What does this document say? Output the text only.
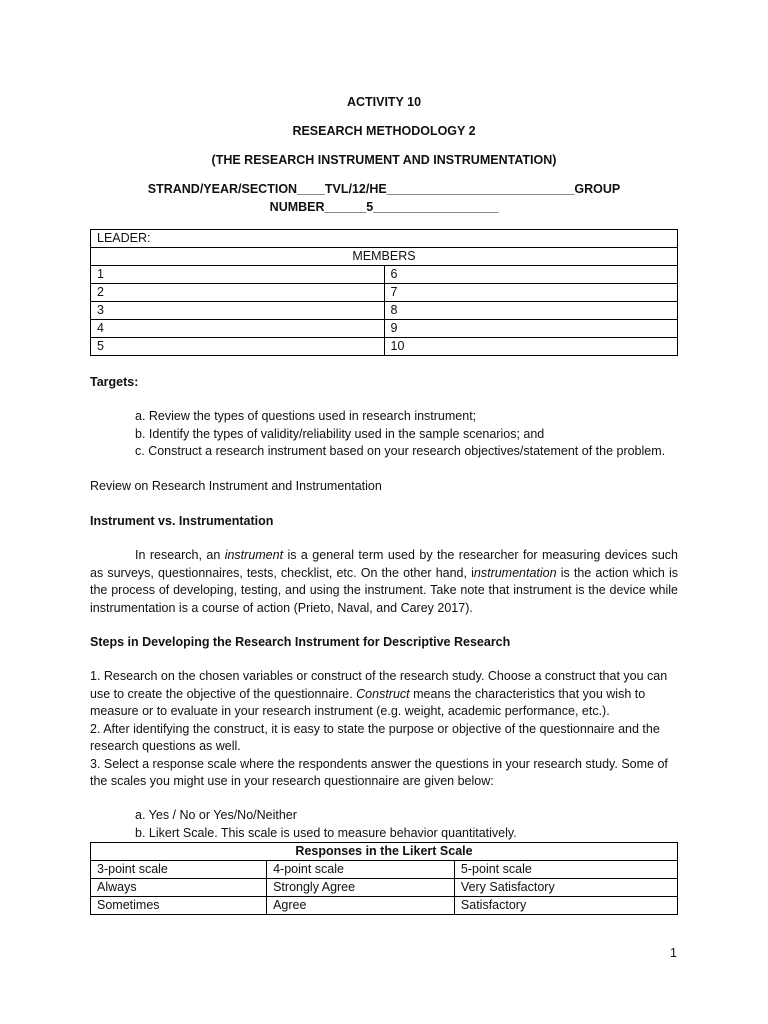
ACTIVITY 10
RESEARCH METHODOLOGY 2
(THE RESEARCH INSTRUMENT AND INSTRUMENTATION)
STRAND/YEAR/SECTION____TVL/12/HE___________________________GROUP
NUMBER______5__________________
LEADER:	
MEMBERS	
1	6
2	7
3	8
4	9
5	10
Targets:

a. Review the types of questions used in research instrument;

b. Identify the types of validity/reliability used in the sample scenarios; and

c. Construct a research instrument based on your research objectives/statement of the problem.

Review on Research Instrument and Instrumentation
Instrument vs. Instrumentation
In research, an instrument is a general term used by the researcher for measuring devices such as surveys, questionnaires, tests, checklist, etc. On the other hand, instrumentation is the action which is the process of developing, testing, and using the instrument. Take note that instrument is the device while instrumentation is a course of action (Prieto, Naval, and Carey 2017).
Steps in Developing the Research Instrument for Descriptive Research

1. Research on the chosen variables or construct of the research study. Choose a construct that you can use to create the objective of the questionnaire. Construct means the characteristics that you wish to measure or to evaluate in your research instrument (e.g. weight, academic performance, etc.).

2. After identifying the construct, it is easy to state the purpose or objective of the questionnaire and the research questions as well.

3. Select a response scale where the respondents answer the questions in your research study. Some of the scales you might use in your research questionnaire are given below:

a. Yes / No or Yes/No/Neither
b. Likert Scale. This scale is used to measure behavior quantitatively.
Responses in the Likert Scale		
3-point scale	4-point scale	5-point scale
Always	Strongly Agree	Very Satisfactory
Sometimes	Agree	Satisfactory
1
